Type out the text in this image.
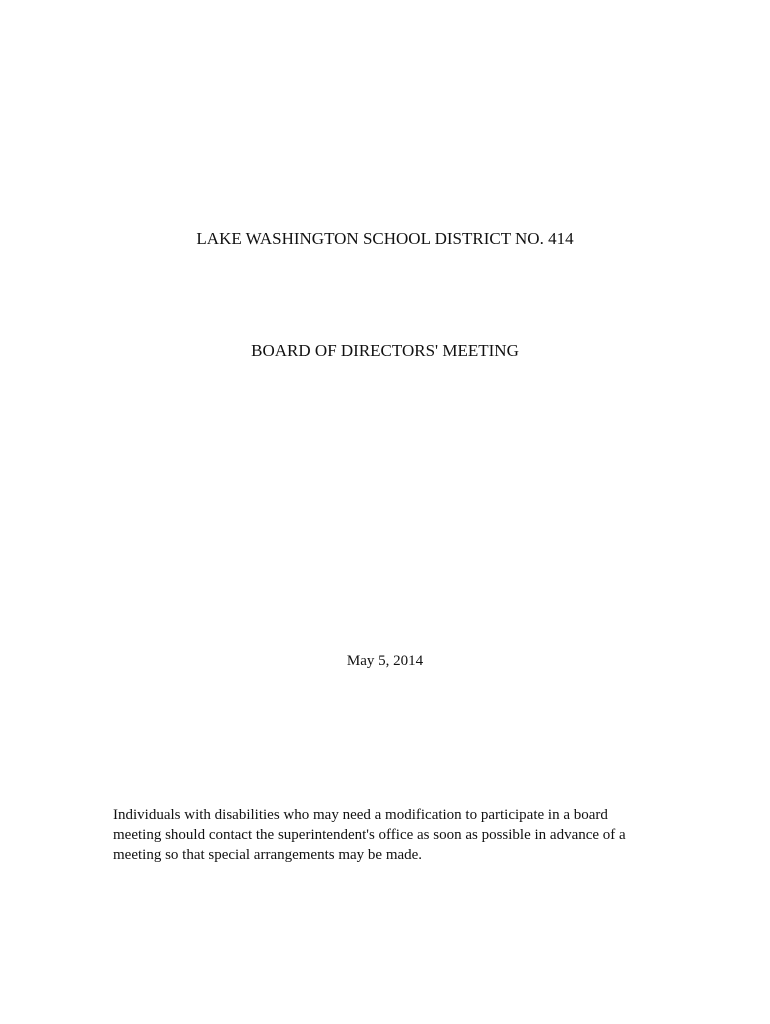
LAKE WASHINGTON SCHOOL DISTRICT NO. 414
BOARD OF DIRECTORS' MEETING
May 5, 2014
Individuals with disabilities who may need a modification to participate in a board
meeting should contact the superintendent's office as soon as possible in advance of a
meeting so that special arrangements may be made.
